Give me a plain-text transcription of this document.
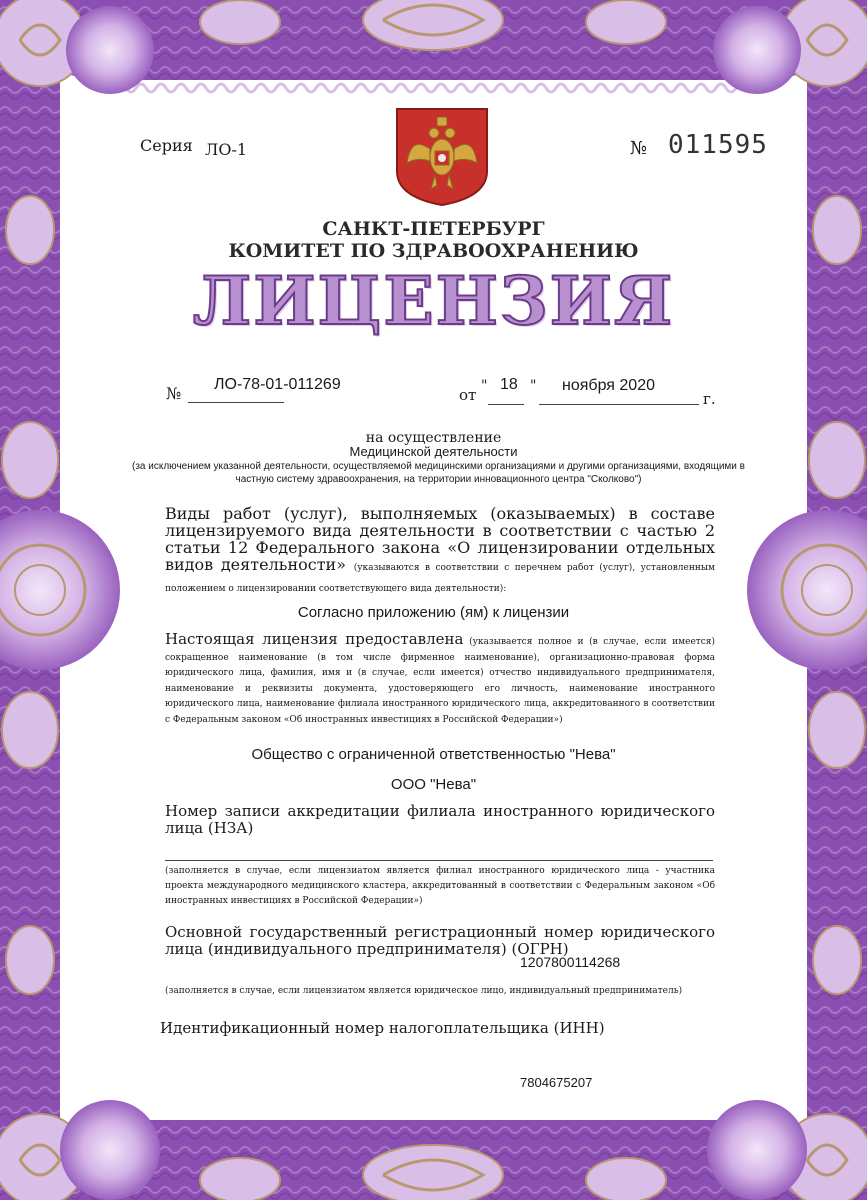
Серия ЛО-1	№ 011595
САНКТ-ПЕТЕРБУРГ
КОМИТЕТ ПО ЗДРАВООХРАНЕНИЮ
ЛИЦЕНЗИЯ
№ ЛО-78-01-011269
от " 18 " ноября 2020
г.
на осуществление
Медицинской деятельности
(за исключением указанной деятельности, осуществляемой медицинскими организациями и другими организациями, входящими в частную систему здравоохранения, на территории инновационного центра "Сколково")
Виды работ (услуг), выполняемых (оказываемых) в составе лицензируемого вида деятельности в соответствии с частью 2 статьи 12 Федерального закона «О лицензировании отдельных видов деятельности» (указываются в соответствии с перечнем работ (услуг), установленным положением о лицензировании соответствующего вида деятельности):
Согласно приложению (ям) к лицензии
Настоящая лицензия предоставлена (указывается полное и (в случае, если имеется) сокращенное наименование (в том числе фирменное наименование), организационно-правовая форма юридического лица, фамилия, имя и (в случае, если имеется) отчество индивидуального предпринимателя, наименование и реквизиты документа, удостоверяющего его личность, наименование иностранного юридического лица, наименование филиала иностранного юридического лица, аккредитованного в соответствии с Федеральным законом «Об иностранных инвестициях в Российской Федерации»)
Общество с ограниченной ответственностью "Нева"
ООО "Нева"
Номер записи аккредитации филиала иностранного юридического лица (НЗА)
(заполняется в случае, если лицензиатом является филиал иностранного юридического лица - участника проекта международного медицинского кластера, аккредитованный в соответствии с Федеральным законом «Об иностранных инвестициях в Российской Федерации»)
Основной государственный регистрационный номер юридического лица (индивидуального предпринимателя) (ОГРН)
1207800114268
(заполняется в случае, если лицензиатом является юридическое лицо, индивидуальный предприниматель)
Идентификационный номер налогоплательщика (ИНН)
7804675207
